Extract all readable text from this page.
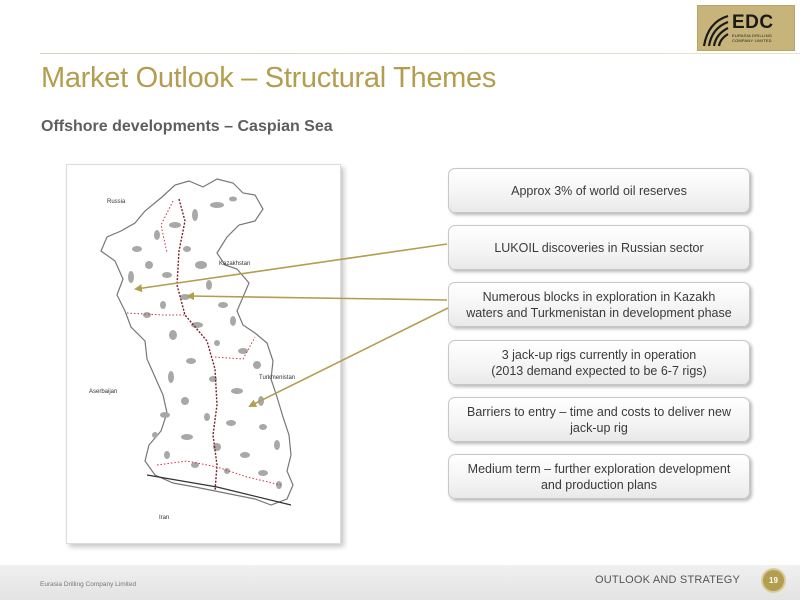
EDC
EURASIA DRILLING COMPANY LIMITED
Market Outlook – Structural Themes
Offshore developments – Caspian Sea
Russia
Kazakhstan
Turkmenistan
Aserbaijan
Iran
Approx 3% of world oil reserves
LUKOIL discoveries in Russian sector
Numerous blocks in exploration in Kazakh
waters and Turkmenistan in development phase
3 jack-up rigs currently in operation
(2013 demand expected to be 6-7 rigs)
Barriers to entry – time and costs to deliver new
jack-up rig
Medium term – further exploration development
and production plans
Eurasia Drilling Company Limited	OUTLOOK AND STRATEGY	19
